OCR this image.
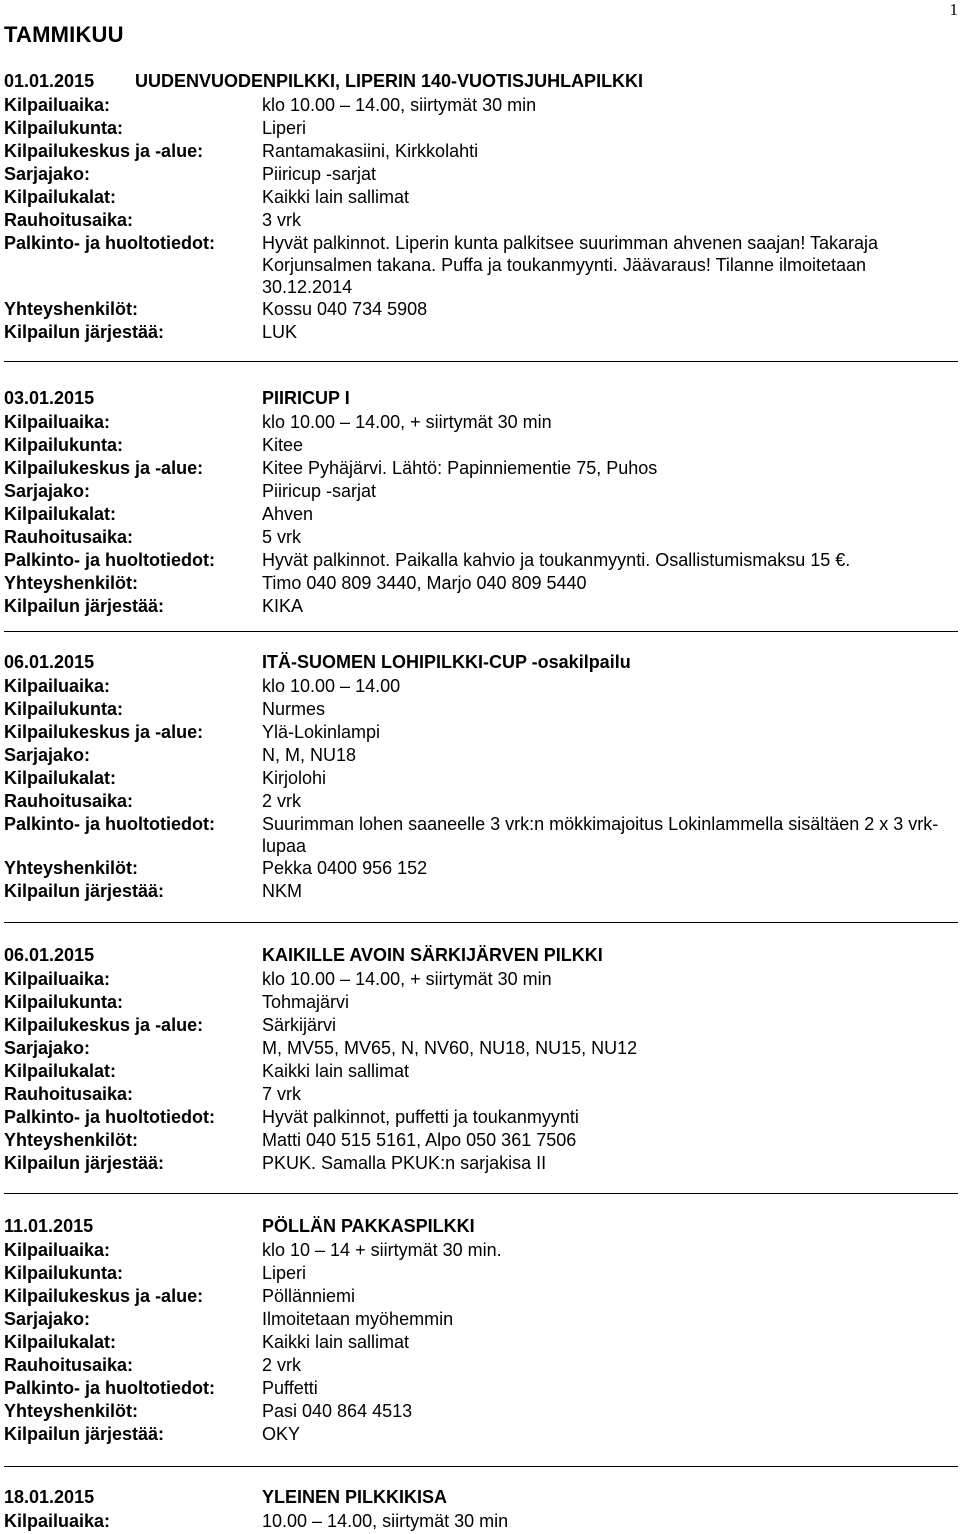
1
TAMMIKUU
01.01.2015 UUDENVUODENPILKKI, LIPERIN 140-VUOTISJUHLAPILKKI
Kilpailuaika:	klo 10.00 – 14.00, siirtymät 30 min
Kilpailukunta:	Liperi
Kilpailukeskus ja -alue:	Rantamakasiini, Kirkkolahti
Sarjajako:	Piiricup -sarjat
Kilpailukalat:	Kaikki lain sallimat
Rauhoitusaika:	3 vrk
Palkinto- ja huoltotiedot:	Hyvät palkinnot. Liperin kunta palkitsee suurimman ahvenen saajan! Takaraja Korjunsalmen takana. Puffa ja toukanmyynti. Jäävaraus! Tilanne ilmoitetaan 30.12.2014
Yhteyshenkilöt:	Kossu 040 734 5908
Kilpailun järjestää:	LUK
03.01.2015	PIIRICUP I
Kilpailuaika:	klo 10.00 – 14.00, + siirtymät 30 min
Kilpailukunta:	Kitee
Kilpailukeskus ja -alue:	Kitee Pyhäjärvi. Lähtö: Papinniementie 75, Puhos
Sarjajako:	Piiricup -sarjat
Kilpailukalat:	Ahven
Rauhoitusaika:	5 vrk
Palkinto- ja huoltotiedot:	Hyvät palkinnot. Paikalla kahvio ja toukanmyynti. Osallistumismaksu 15 €.
Yhteyshenkilöt:	Timo 040 809 3440, Marjo 040 809 5440
Kilpailun järjestää:	KIKA
06.01.2015	ITÄ-SUOMEN LOHIPILKKI-CUP -osakilpailu
Kilpailuaika:	klo 10.00 – 14.00
Kilpailukunta:	Nurmes
Kilpailukeskus ja -alue:	Ylä-Lokinlampi
Sarjajako:	N, M, NU18
Kilpailukalat:	Kirjolohi
Rauhoitusaika:	2 vrk
Palkinto- ja huoltotiedot:	Suurimman lohen saaneelle 3 vrk:n mökkimajoitus Lokinlammella sisältäen 2 x 3 vrk-lupaa
Yhteyshenkilöt:	Pekka 0400 956 152
Kilpailun järjestää:	NKM
06.01.2015	KAIKILLE AVOIN SÄRKIJÄRVEN PILKKI
Kilpailuaika:	klo 10.00 – 14.00, + siirtymät 30 min
Kilpailukunta:	Tohmajärvi
Kilpailukeskus ja -alue:	Särkijärvi
Sarjajako:	M, MV55, MV65, N, NV60, NU18, NU15, NU12
Kilpailukalat:	Kaikki lain sallimat
Rauhoitusaika:	7 vrk
Palkinto- ja huoltotiedot:	Hyvät palkinnot, puffetti ja toukanmyynti
Yhteyshenkilöt:	Matti 040 515 5161, Alpo 050 361 7506
Kilpailun järjestää:	PKUK. Samalla PKUK:n sarjakisa II
11.01.2015	PÖLLÄN PAKKASPILKKI
Kilpailuaika:	klo 10 – 14 + siirtymät 30 min.
Kilpailukunta:	Liperi
Kilpailukeskus ja -alue:	Pöllänniemi
Sarjajako:	Ilmoitetaan myöhemmin
Kilpailukalat:	Kaikki lain sallimat
Rauhoitusaika:	2 vrk
Palkinto- ja huoltotiedot:	Puffetti
Yhteyshenkilöt:	Pasi 040 864 4513
Kilpailun järjestää:	OKY
18.01.2015	YLEINEN PILKKIKISA
Kilpailuaika:	10.00 – 14.00, siirtymät 30 min
